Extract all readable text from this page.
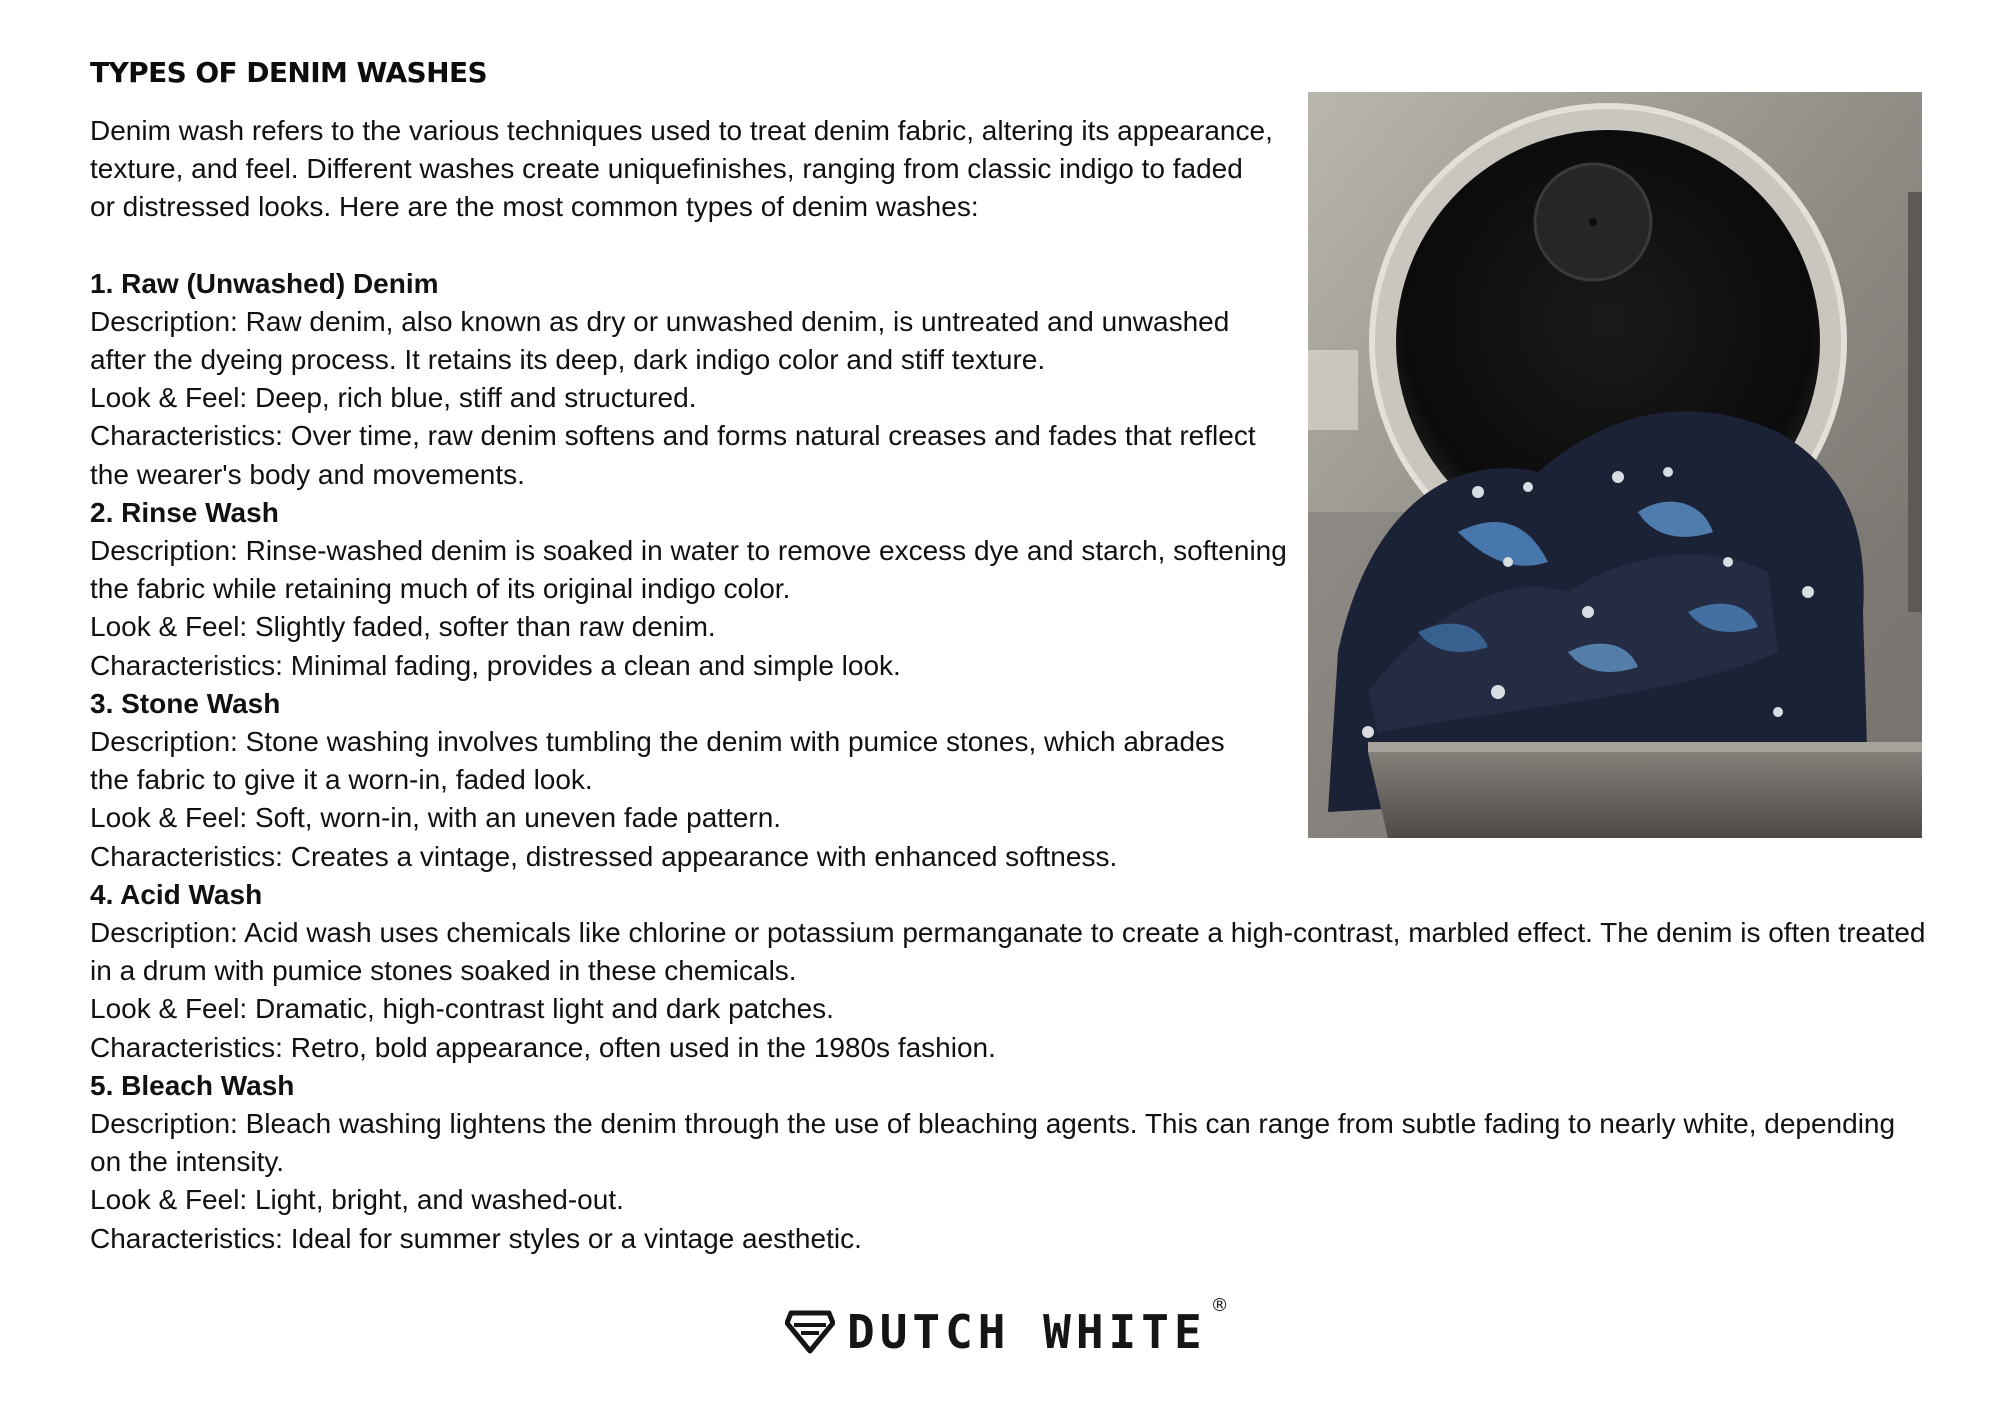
TYPES OF DENIM WASHES

Denim wash refers to the various techniques used to treat denim fabric, altering its appearance,

texture, and feel. Different washes create uniquefinishes, ranging from classic indigo to faded

or distressed looks. Here are the most common types of denim washes:

1. Raw (Unwashed) Denim

Description: Raw denim, also known as dry or unwashed denim, is untreated and unwashed

after the dyeing process. It retains its deep, dark indigo color and stiff texture.

Look & Feel: Deep, rich blue, stiff and structured.

Characteristics: Over time, raw denim softens and forms natural creases and fades that reflect

the wearer's body and movements.

2. Rinse Wash

Description: Rinse-washed denim is soaked in water to remove excess dye and starch, softening

the fabric while retaining much of its original indigo color.

Look & Feel: Slightly faded, softer than raw denim.

Characteristics: Minimal fading, provides a clean and simple look.

3. Stone Wash

Description: Stone washing involves tumbling the denim with pumice stones, which abrades

the fabric to give it a worn-in, faded look.

Look & Feel: Soft, worn-in, with an uneven fade pattern.

Characteristics: Creates a vintage, distressed appearance with enhanced softness.

4. Acid Wash

Description: Acid wash uses chemicals like chlorine or potassium permanganate to create a high-contrast, marbled effect. The denim is often treated

in a drum with pumice stones soaked in these chemicals.

Look & Feel: Dramatic, high-contrast light and dark patches.

Characteristics: Retro, bold appearance, often used in the 1980s fashion.

5. Bleach Wash

Description: Bleach washing lightens the denim through the use of bleaching agents. This can range from subtle fading to nearly white, depending

on the intensity.

Look & Feel: Light, bright, and washed-out.

Characteristics: Ideal for summer styles or a vintage aesthetic.

DUTCH WHITE ®
